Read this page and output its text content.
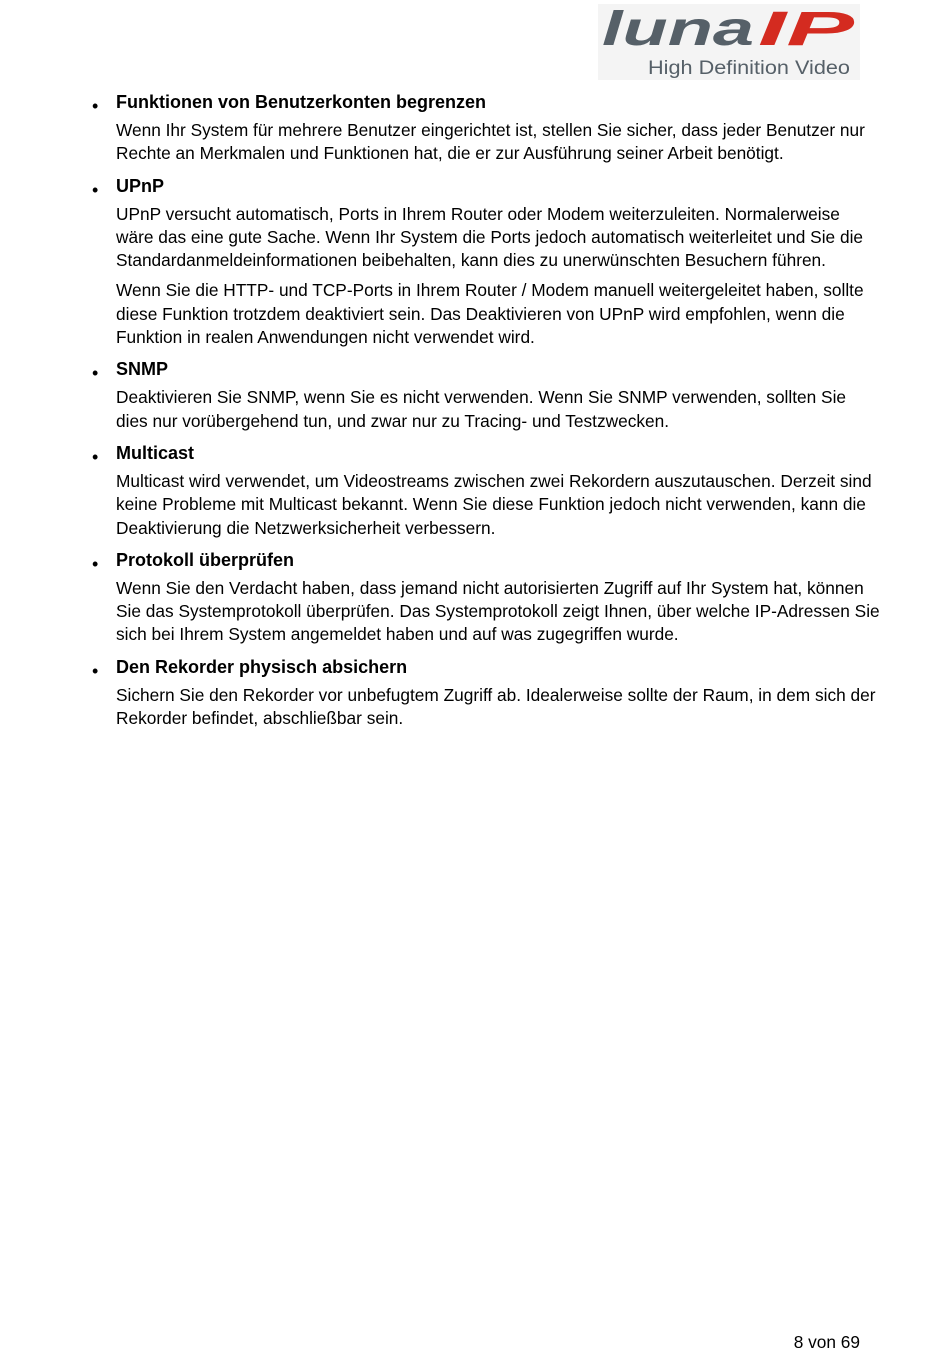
luna IP
High Definition Video
• Funktionen von Benutzerkonten begrenzen

Wenn Ihr System für mehrere Benutzer eingerichtet ist, stellen Sie sicher, dass jeder Benutzer nur Rechte an Merkmalen und Funktionen hat, die er zur Ausführung seiner Arbeit benötigt.

• UPnP

UPnP versucht automatisch, Ports in Ihrem Router oder Modem weiterzuleiten. Normalerweise wäre das eine gute Sache. Wenn Ihr System die Ports jedoch automatisch weiterleitet und Sie die Standardanmeldeinformationen beibehalten, kann dies zu unerwünschten Besuchern führen.

Wenn Sie die HTTP- und TCP-Ports in Ihrem Router / Modem manuell weitergeleitet haben, sollte diese Funktion trotzdem deaktiviert sein. Das Deaktivieren von UPnP wird empfohlen, wenn die Funktion in realen Anwendungen nicht verwendet wird.

• SNMP

Deaktivieren Sie SNMP, wenn Sie es nicht verwenden. Wenn Sie SNMP verwenden, sollten Sie dies nur vorübergehend tun, und zwar nur zu Tracing- und Testzwecken.

• Multicast

Multicast wird verwendet, um Videostreams zwischen zwei Rekordern auszutauschen. Derzeit sind keine Probleme mit Multicast bekannt. Wenn Sie diese Funktion jedoch nicht verwenden, kann die Deaktivierung die Netzwerksicherheit verbessern.

• Protokoll überprüfen

Wenn Sie den Verdacht haben, dass jemand nicht autorisierten Zugriff auf Ihr System hat, können Sie das Systemprotokoll überprüfen. Das Systemprotokoll zeigt Ihnen, über welche IP-Adressen Sie sich bei Ihrem System angemeldet haben und auf was zugegriffen wurde.

• Den Rekorder physisch absichern

Sichern Sie den Rekorder vor unbefugtem Zugriff ab. Idealerweise sollte der Raum, in dem sich der Rekorder befindet, abschließbar sein.

8 von 69
